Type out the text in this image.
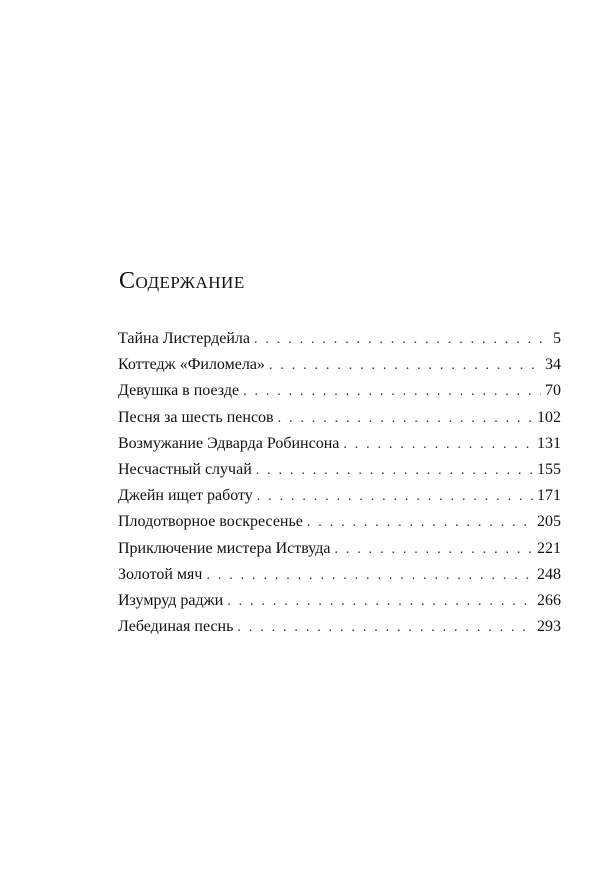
Содержание
Тайна Листердейла . . .	5
Коттедж «Филомела» . . .	34
Девушка в поезде . . .	70
Песня за шесть пенсов . . .	102
Возмужание Эдварда Робинсона . . .	131
Несчастный случай . . .	155
Джейн ищет работу . . .	171
Плодотворное воскресенье . . .	205
Приключение мистера Иствуда . . .	221
Золотой мяч . . .	248
Изумруд раджи . . .	266
Лебединая песнь . . .	293
